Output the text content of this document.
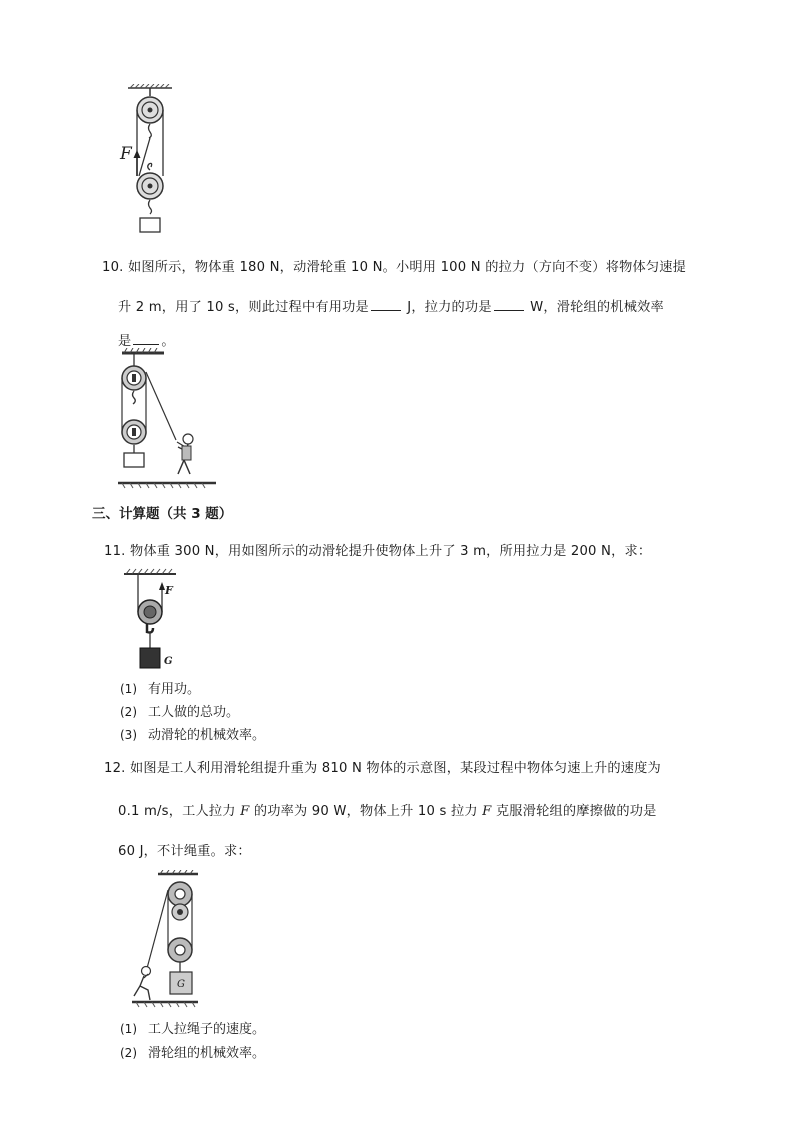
F
10. 如图所示，物体重 180 N，动滑轮重 10 N。小明用 100 N 的拉力（方向不变）将物体匀速提
升 2 m，用了 10 s，则此过程中有用功是	J，拉力的功是	W，滑轮组的机械效率
是 。
三、计算题（共 3 题）
11. 物体重 300 N，用如图所示的动滑轮提升使物体上升了 3 m，所用拉力是 200 N，求：
F
G
(1) 有用功。
(2) 工人做的总功。
(3) 动滑轮的机械效率。
12. 如图是工人利用滑轮组提升重为 810 N 物体的示意图，某段过程中物体匀速上升的速度为
0.1 m/s，工人拉力 F 的功率为 90 W，物体上升 10 s 拉力 F 克服滑轮组的摩擦做的功是
60 J，不计绳重。求：
G
(1) 工人拉绳子的速度。
(2) 滑轮组的机械效率。
